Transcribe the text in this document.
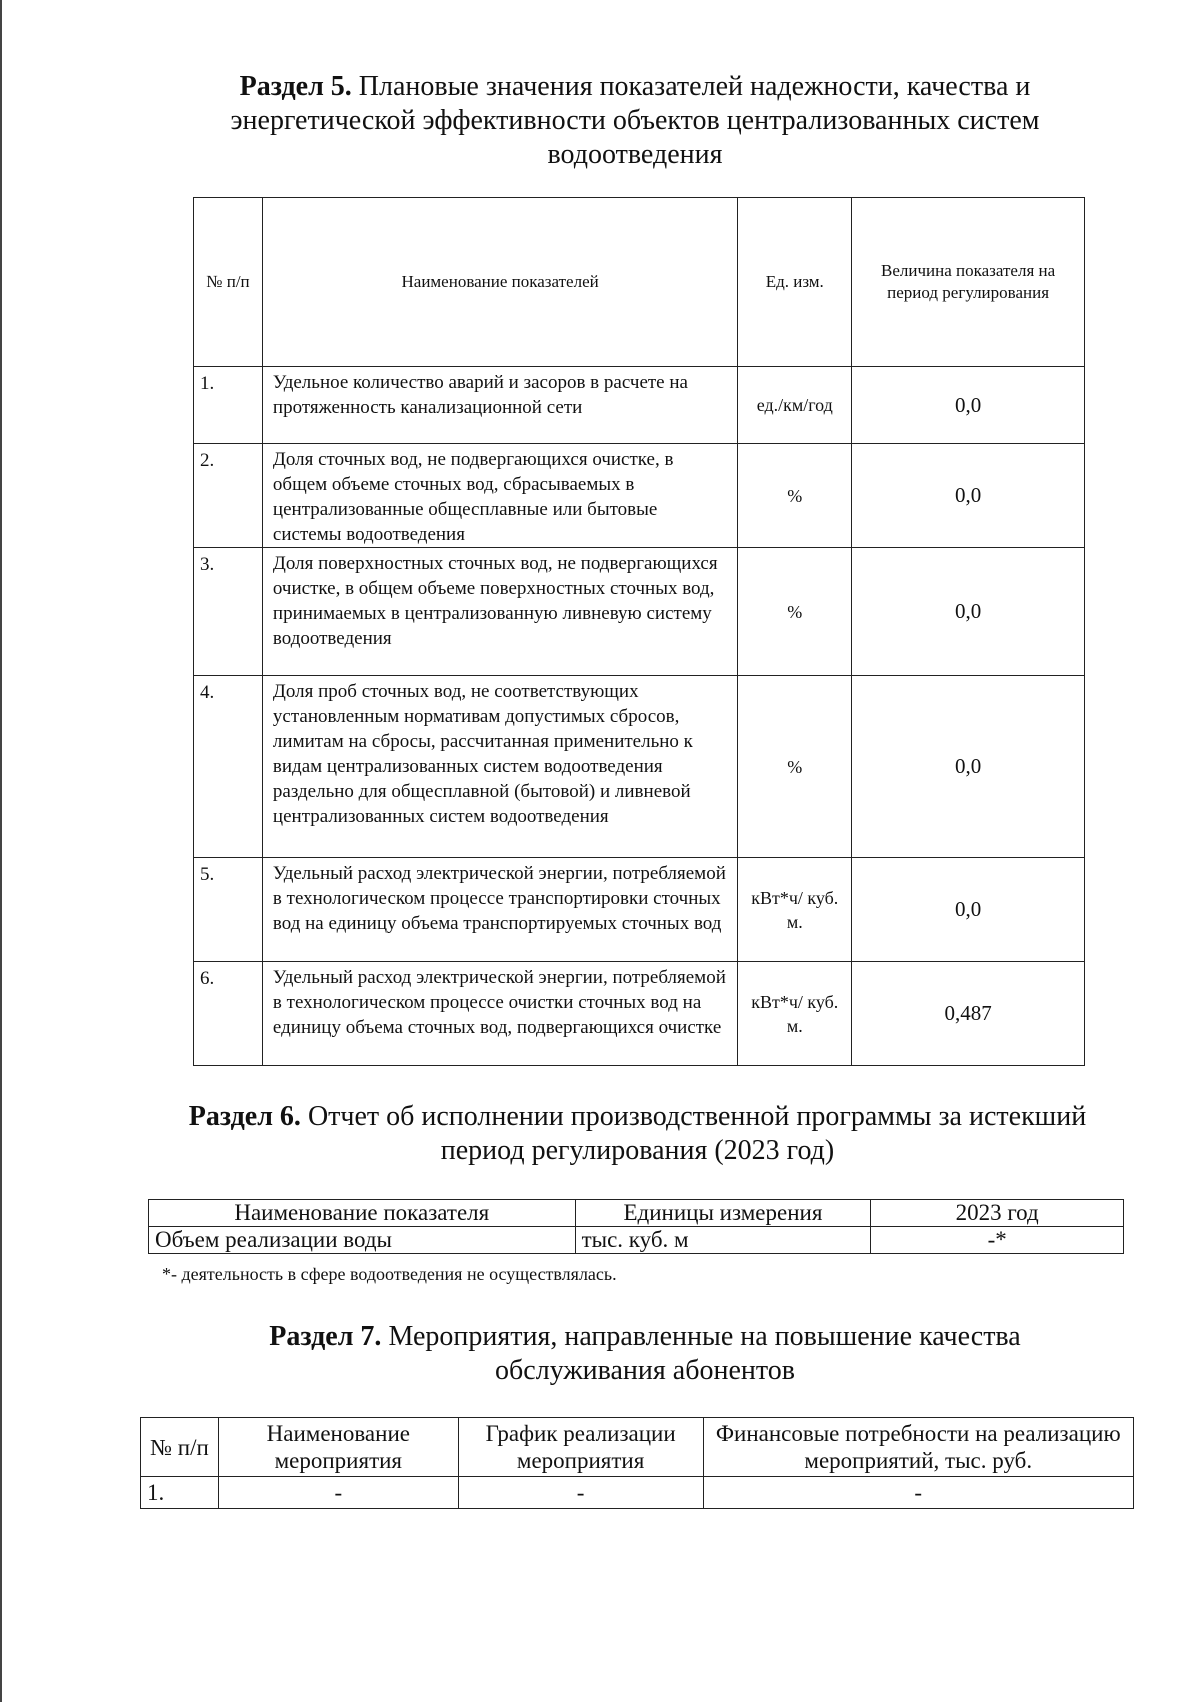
Раздел 5. Плановые значения показателей надежности, качества и
энергетической эффективности объектов централизованных систем
водоотведения
№ п/п	Наименование показателей	Ед. изм.	Величина показателя на период регулирования
1.	Удельное количество аварий и засоров в расчете на протяженность канализационной сети	ед./км/год	0,0
2.	Доля сточных вод, не подвергающихся очистке, в общем объеме сточных вод, сбрасываемых в централизованные общесплавные или бытовые системы водоотведения	%	0,0
3.	Доля поверхностных сточных вод, не подвергающихся очистке, в общем объеме поверхностных сточных вод, принимаемых в централизованную ливневую систему водоотведения	%	0,0
4.	Доля проб сточных вод, не соответствующих установленным нормативам допустимых сбросов, лимитам на сбросы, рассчитанная применительно к видам централизованных систем водоотведения раздельно для общесплавной (бытовой) и ливневой централизованных систем водоотведения	%	0,0
5.	Удельный расход электрической энергии, потребляемой в технологическом процессе транспортировки сточных вод на единицу объема транспортируемых сточных вод	кВт*ч/ куб. м.	0,0
6.	Удельный расход электрической энергии, потребляемой в технологическом процессе очистки сточных вод на единицу объема сточных вод, подвергающихся очистке	кВт*ч/ куб. м.	0,487
Раздел 6. Отчет об исполнении производственной программы за истекший
период регулирования (2023 год)
Наименование показателя	Единицы измерения	2023 год
Объем реализации воды	тыс. куб. м	-*
*- деятельность в сфере водоотведения не осуществлялась.
Раздел 7. Мероприятия, направленные на повышение качества
обслуживания абонентов
№ п/п	Наименование мероприятия	График реализации мероприятия	Финансовые потребности на реализацию мероприятий, тыс. руб.
1.	-	-	-
